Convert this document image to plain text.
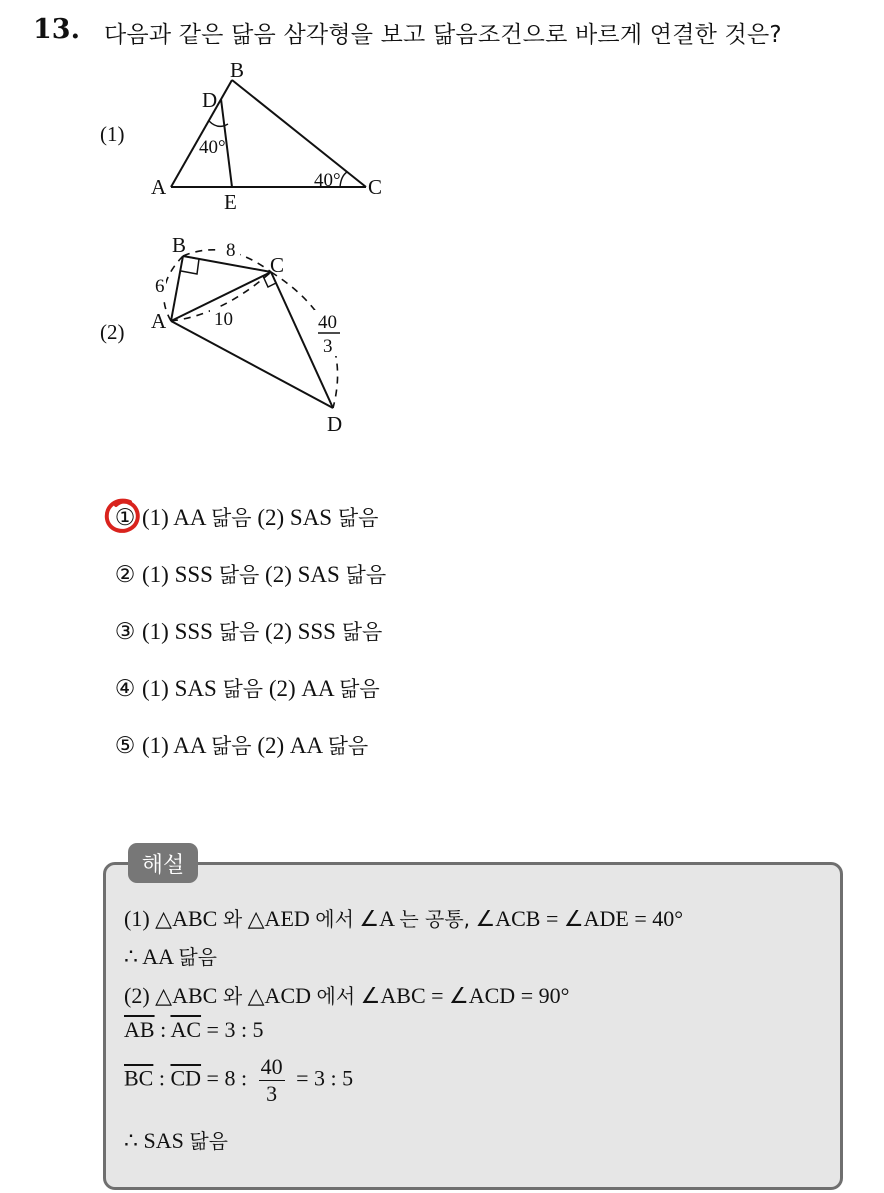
13. 다음과 같은 닮음 삼각형을 보고 닮음조건으로 바르게 연결한 것은?
(1)
B
D
A
E
C
40°
40°
(2)
B
C
A
D
6
8
10	40
3
① (1) AA 닮음 (2) SAS 닮음
② (1) SSS 닮음 (2) SAS 닮음
③ (1) SSS 닮음 (2) SSS 닮음
④ (1) SAS 닮음 (2) AA 닮음
⑤ (1) AA 닮음 (2) AA 닮음
해설
(1) △ABC 와 △AED 에서 ∠A 는 공통, ∠ACB = ∠ADE = 40°
∴ AA 닮음
(2) △ABC 와 △ACD 에서 ∠ABC = ∠ACD = 90°
$\overline{AB}$ : $\overline{AC} = 3$ : 5
$\overline{BC}$ : $\overline{CD} = 8$ : $\frac{40}{3} = 3$ : 5
∴ SAS 닮음
